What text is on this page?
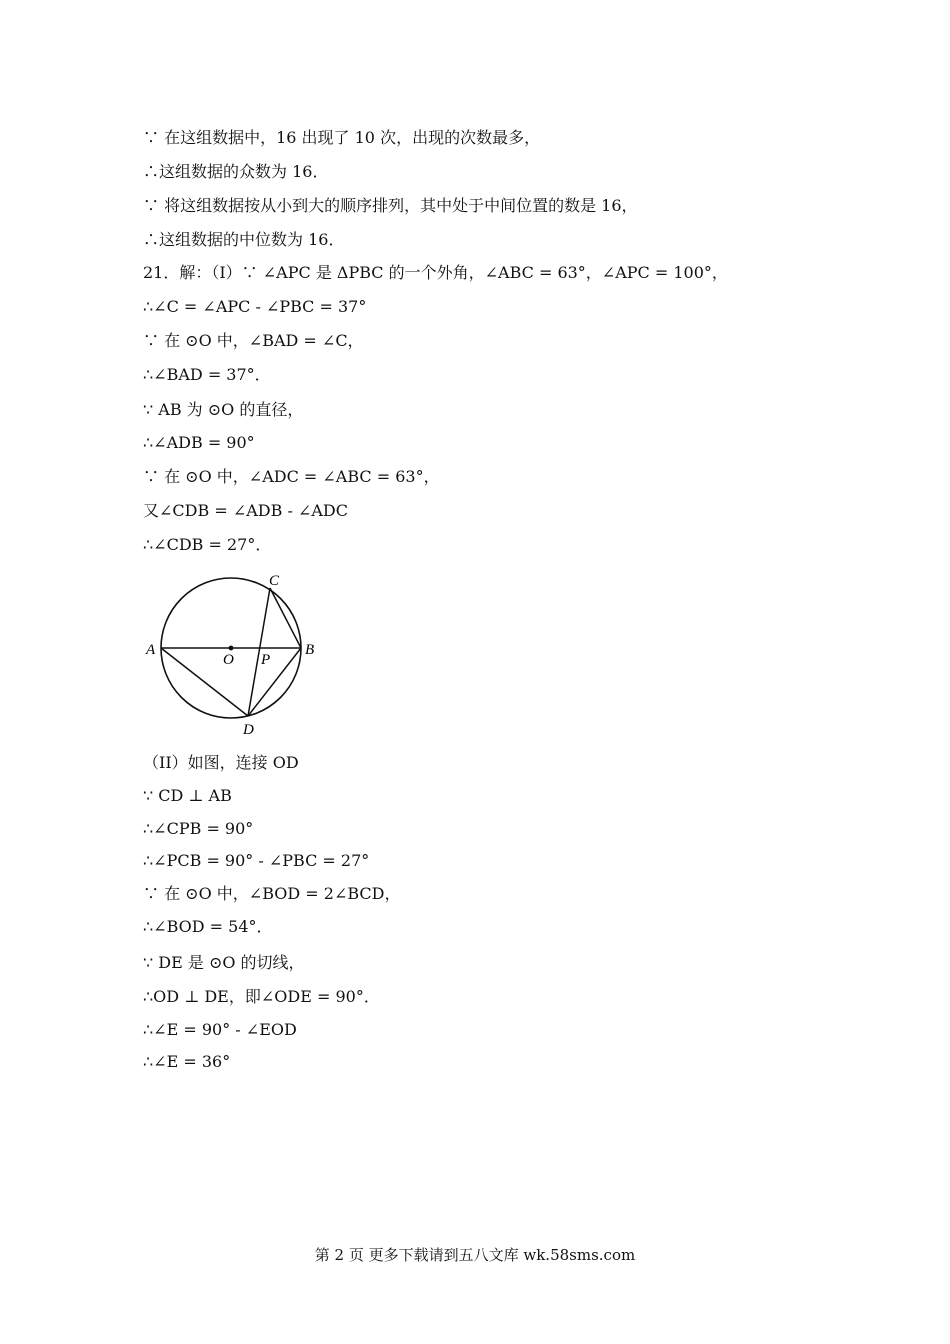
∵ 在这组数据中，16 出现了 10 次，出现的次数最多，
∴这组数据的众数为 16．
∵ 将这组数据按从小到大的顺序排列，其中处于中间位置的数是 16，
∴这组数据的中位数为 16．
21．解：（I）∵ ∠APC 是 ΔPBC 的一个外角，∠ABC = 63°，∠APC = 100°，
∴∠C = ∠APC - ∠PBC = 37°
∵ 在 ⊙O 中，∠BAD = ∠C，
∴∠BAD = 37°．
∵ AB 为 ⊙O 的直径，
∴∠ADB = 90°
∵ 在 ⊙O 中，∠ADC = ∠ABC = 63°，
又∠CDB = ∠ADB - ∠ADC
∴∠CDB = 27°．
A	B
C
D
O P
（II）如图，连接 OD
∵ CD ⊥ AB
∴∠CPB = 90°
∴∠PCB = 90° - ∠PBC = 27°
∵ 在 ⊙O 中，∠BOD = 2∠BCD，
∴∠BOD = 54°．
∵ DE 是 ⊙O 的切线，
∴OD ⊥ DE，即∠ODE = 90°．
∴∠E = 90° - ∠EOD
∴∠E = 36°
第 2 页 更多下载请到五八文库 wk.58sms.com
